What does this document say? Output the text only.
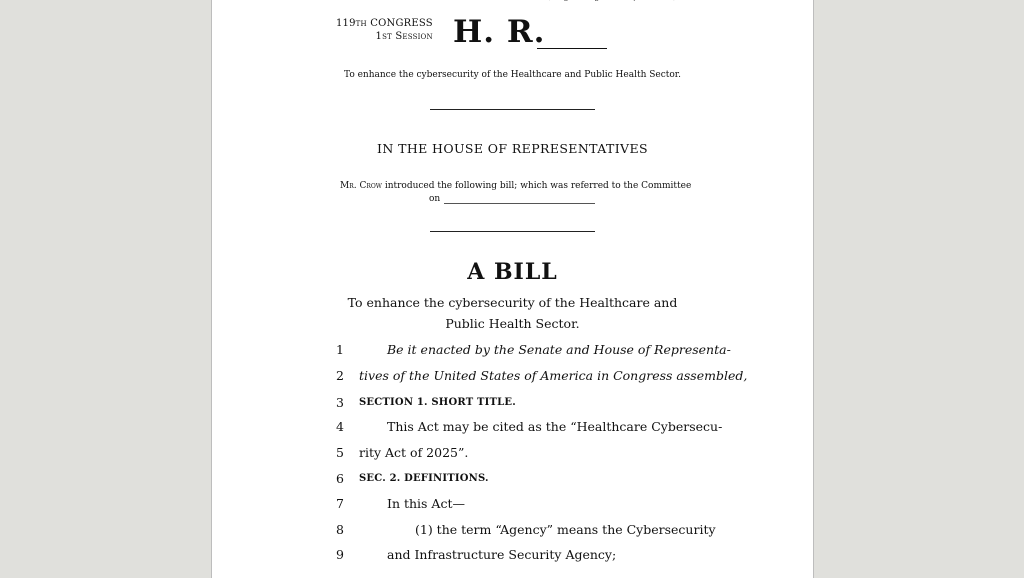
119th CONGRESS
1st Session H. R.
To enhance the cybersecurity of the Healthcare and Public Health Sector.
IN THE HOUSE OF REPRESENTATIVES
Mr. Crow introduced the following bill; which was referred to the Committee
on
A BILL
To enhance the cybersecurity of the Healthcare and Public Health Sector.
1	Be it enacted by the Senate and House of Representa-
2	tives of the United States of America in Congress assembled,
3	SECTION 1. SHORT TITLE.
4	This Act may be cited as the “Healthcare Cybersecu-
5	rity Act of 2025”.
6	SEC. 2. DEFINITIONS.
7	In this Act—
8	(1) the term “Agency” means the Cybersecurity
9	and Infrastructure Security Agency;
